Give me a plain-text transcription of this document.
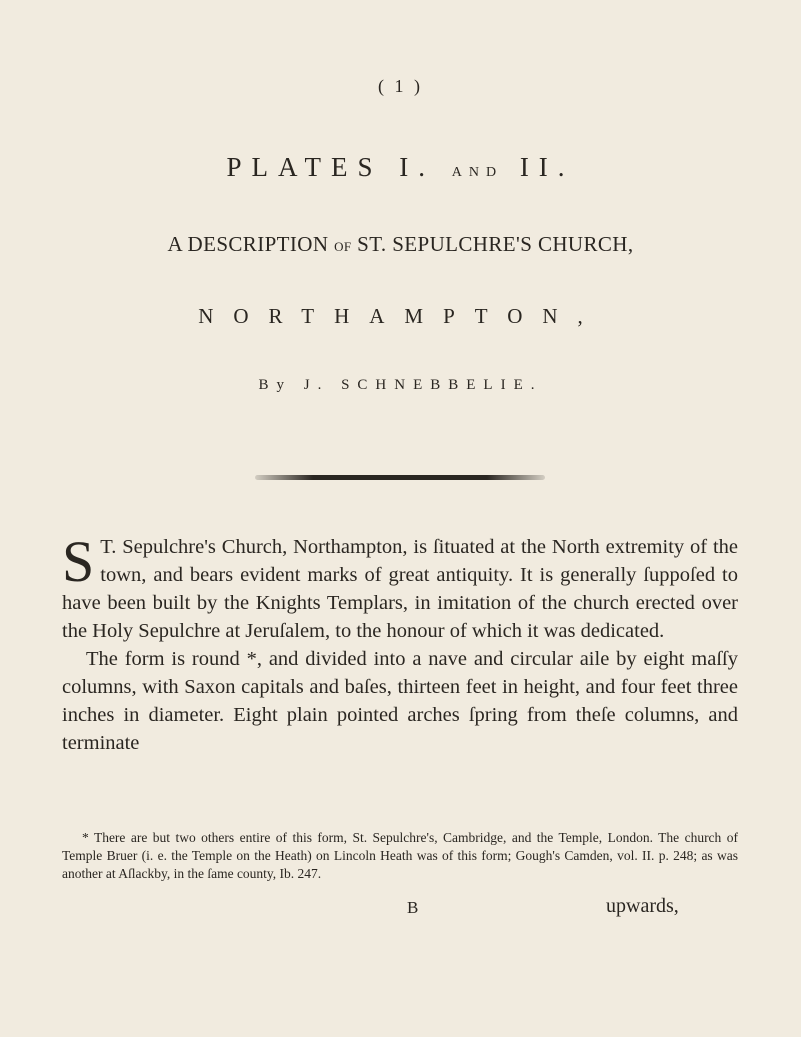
( 1 )
PLATES I. AND II.
A DESCRIPTION OF ST. SEPULCHRE'S CHURCH,
NORTHAMPTON,
By J. SCHNEBBELIE.

S T. Sepulchre's Church, Northampton, is ſituated at the North extremity of the town, and bears evident marks of great antiquity. It is generally ſuppoſed to have been built by the Knights Templars, in imitation of the church erected over the Holy Sepulchre at Jeruſalem, to the honour of which it was dedicated.

The form is round *, and divided into a nave and circular aile by eight maſſy columns, with Saxon capitals and baſes, thirteen feet in height, and four feet three inches in diameter. Eight plain pointed arches ſpring from theſe columns, and terminate

* There are but two others entire of this form, St. Sepulchre's, Cambridge, and the Temple, London. The church of Temple Bruer (i. e. the Temple on the Heath) on Lincoln Heath was of this form; Gough's Camden, vol. II. p. 248; as was another at Aſlackby, in the ſame county, Ib. 247.

B	upwards,
